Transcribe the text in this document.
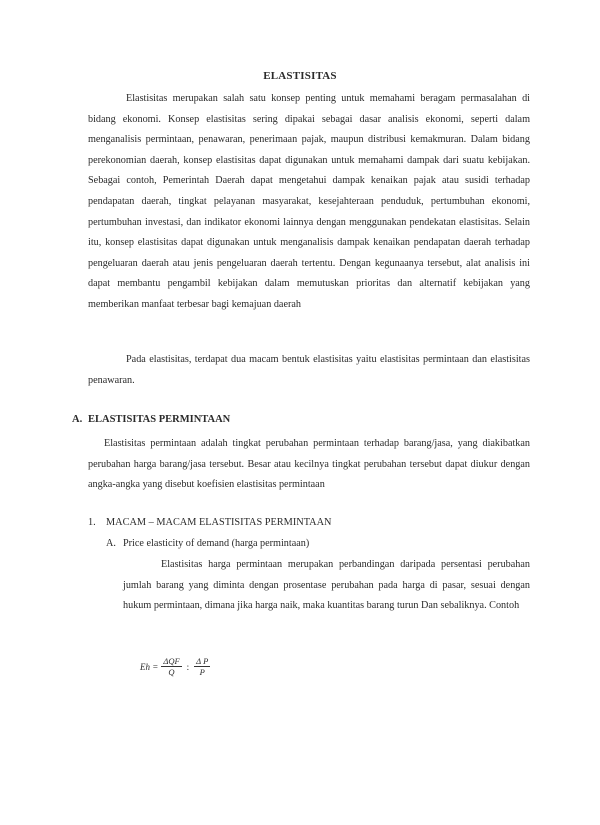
ELASTISITAS

Elastisitas merupakan salah satu konsep penting untuk memahami beragam permasalahan di bidang ekonomi. Konsep elastisitas sering dipakai sebagai dasar analisis ekonomi, seperti dalam menganalisis permintaan, penawaran, penerimaan pajak, maupun distribusi kemakmuran. Dalam bidang perekonomian daerah, konsep elastisitas dapat digunakan untuk memahami dampak dari suatu kebijakan. Sebagai contoh, Pemerintah Daerah dapat mengetahui dampak kenaikan pajak atau susidi terhadap pendapatan daerah, tingkat pelayanan masyarakat, kesejahteraan penduduk, pertumbuhan ekonomi, pertumbuhan investasi, dan indikator ekonomi lainnya dengan menggunakan pendekatan elastisitas. Selain itu, konsep elastisitas dapat digunakan untuk menganalisis dampak kenaikan pendapatan daerah terhadap pengeluaran daerah atau jenis pengeluaran daerah tertentu. Dengan kegunaanya tersebut, alat analisis ini dapat membantu pengambil kebijakan dalam memutuskan prioritas dan alternatif kebijakan yang memberikan manfaat terbesar bagi kemajuan daerah

Pada elastisitas, terdapat dua macam bentuk elastisitas yaitu elastisitas permintaan dan elastisitas penawaran.

A. ELASTISITAS PERMINTAAN

Elastisitas permintaan adalah tingkat perubahan permintaan terhadap barang/jasa, yang diakibatkan perubahan harga barang/jasa tersebut. Besar atau kecilnya tingkat perubahan tersebut dapat diukur dengan angka-angka yang disebut koefisien elastisitas permintaan

1. MACAM – MACAM ELASTISITAS PERMINTAAN
A. Price elasticity of demand (harga permintaan)

Elastisitas harga permintaan merupakan perbandingan daripada persentasi perubahan jumlah barang yang diminta dengan prosentase perubahan pada harga di pasar, sesuai dengan hukum permintaan, dimana jika harga naik, maka kuantitas barang turun Dan sebaliknya. Contoh

$Eh = \frac{\text{ΔQF}}{Q}$ : $\frac{\text{Δ P}}{P}$
